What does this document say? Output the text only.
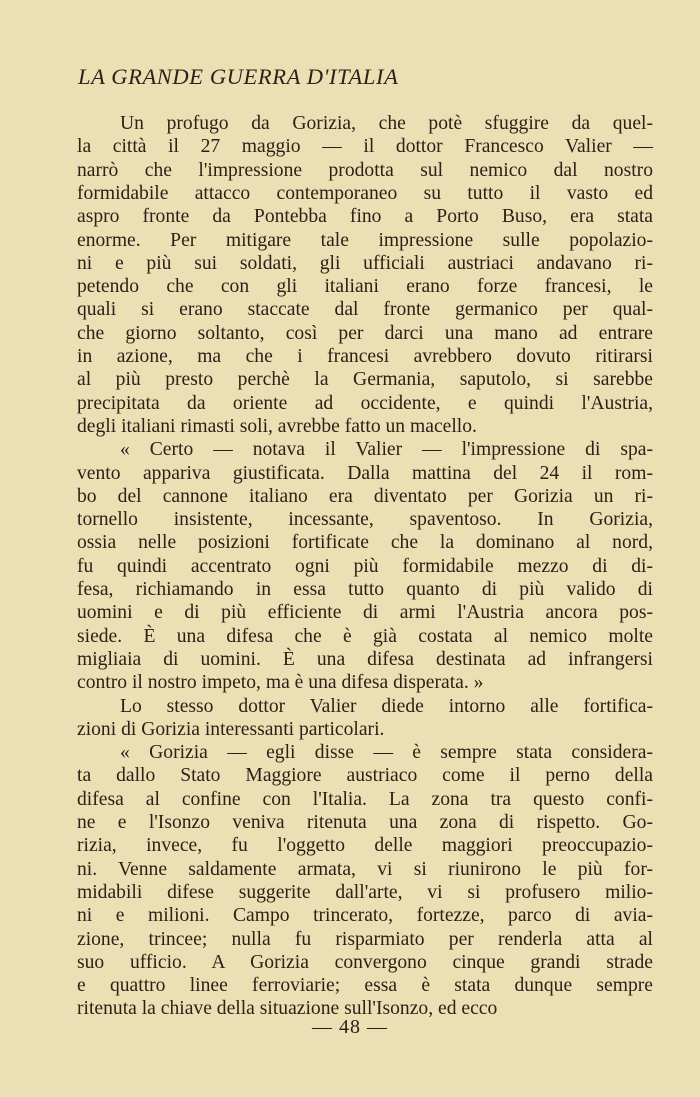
LA GRANDE GUERRA D'ITALIA
Un profugo da Gorizia, che potè sfuggire da quel-
la città il 27 maggio — il dottor Francesco Valier —
narrò che l'impressione prodotta sul nemico dal nostro
formidabile attacco contemporaneo su tutto il vasto ed
aspro fronte da Pontebba fino a Porto Buso, era stata
enorme. Per mitigare tale impressione sulle popolazio-
ni e più sui soldati, gli ufficiali austriaci andavano ri-
petendo che con gli italiani erano forze francesi, le
quali si erano staccate dal fronte germanico per qual-
che giorno soltanto, così per darci una mano ad entrare
in azione, ma che i francesi avrebbero dovuto ritirarsi
al più presto perchè la Germania, saputolo, si sarebbe
precipitata da oriente ad occidente, e quindi l'Austria,
degli italiani rimasti soli, avrebbe fatto un macello.
« Certo — notava il Valier — l'impressione di spa-
vento appariva giustificata. Dalla mattina del 24 il rom-
bo del cannone italiano era diventato per Gorizia un ri-
tornello insistente, incessante, spaventoso. In Gorizia,
ossia nelle posizioni fortificate che la dominano al nord,
fu quindi accentrato ogni più formidabile mezzo di di-
fesa, richiamando in essa tutto quanto di più valido di
uomini e di più efficiente di armi l'Austria ancora pos-
siede. È una difesa che è già costata al nemico molte
migliaia di uomini. È una difesa destinata ad infrangersi
contro il nostro impeto, ma è una difesa disperata. »
Lo stesso dottor Valier diede intorno alle fortifica-
zioni di Gorizia interessanti particolari.
« Gorizia — egli disse — è sempre stata considera-
ta dallo Stato Maggiore austriaco come il perno della
difesa al confine con l'Italia. La zona tra questo confi-
ne e l'Isonzo veniva ritenuta una zona di rispetto. Go-
rizia, invece, fu l'oggetto delle maggiori preoccupazio-
ni. Venne saldamente armata, vi si riunirono le più for-
midabili difese suggerite dall'arte, vi si profusero milio-
ni e milioni. Campo trincerato, fortezze, parco di avia-
zione, trincee; nulla fu risparmiato per renderla atta al
suo ufficio. A Gorizia convergono cinque grandi strade
e quattro linee ferroviarie; essa è stata dunque sempre
ritenuta la chiave della situazione sull'Isonzo, ed ecco
— 48 —
